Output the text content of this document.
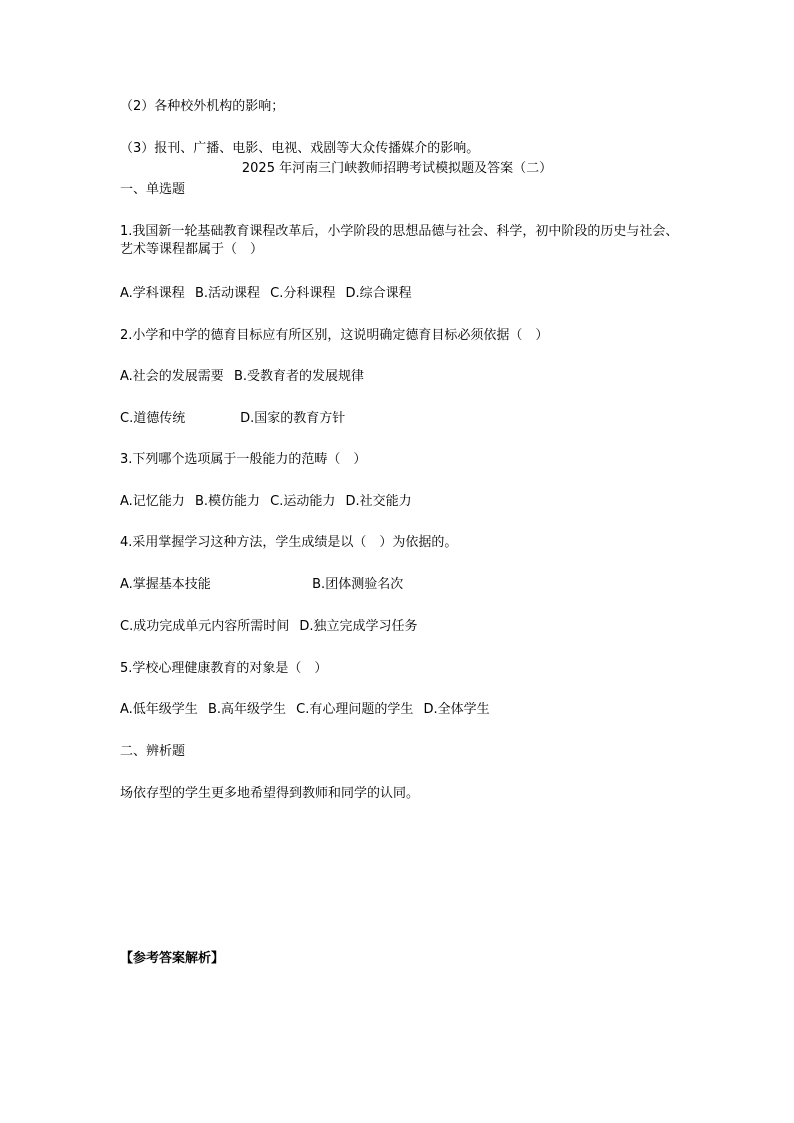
（2）各种校外机构的影响；
（3）报刊、广播、电影、电视、戏剧等大众传播媒介的影响。
2025 年河南三门峡教师招聘考试模拟题及答案（二）
一、单选题
1.我国新一轮基础教育课程改革后，小学阶段的思想品德与社会、科学，初中阶段的历史与社会、艺术等课程都属于（　）
A.学科课程 B.活动课程 C.分科课程 D.综合课程
2.小学和中学的德育目标应有所区别，这说明确定德育目标必须依据（　）
A.社会的发展需要 B.受教育者的发展规律
C.道德传统	D.国家的教育方针
3.下列哪个选项属于一般能力的范畴（　）
A.记忆能力 B.模仿能力 C.运动能力 D.社交能力
4.采用掌握学习这种方法，学生成绩是以（　）为依据的。
A.掌握基本技能	B.团体测验名次
C.成功完成单元内容所需时间 D.独立完成学习任务
5.学校心理健康教育的对象是（　）
A.低年级学生 B.高年级学生 C.有心理问题的学生 D.全体学生
二、辨析题
场依存型的学生更多地希望得到教师和同学的认同。
【参考答案解析】
